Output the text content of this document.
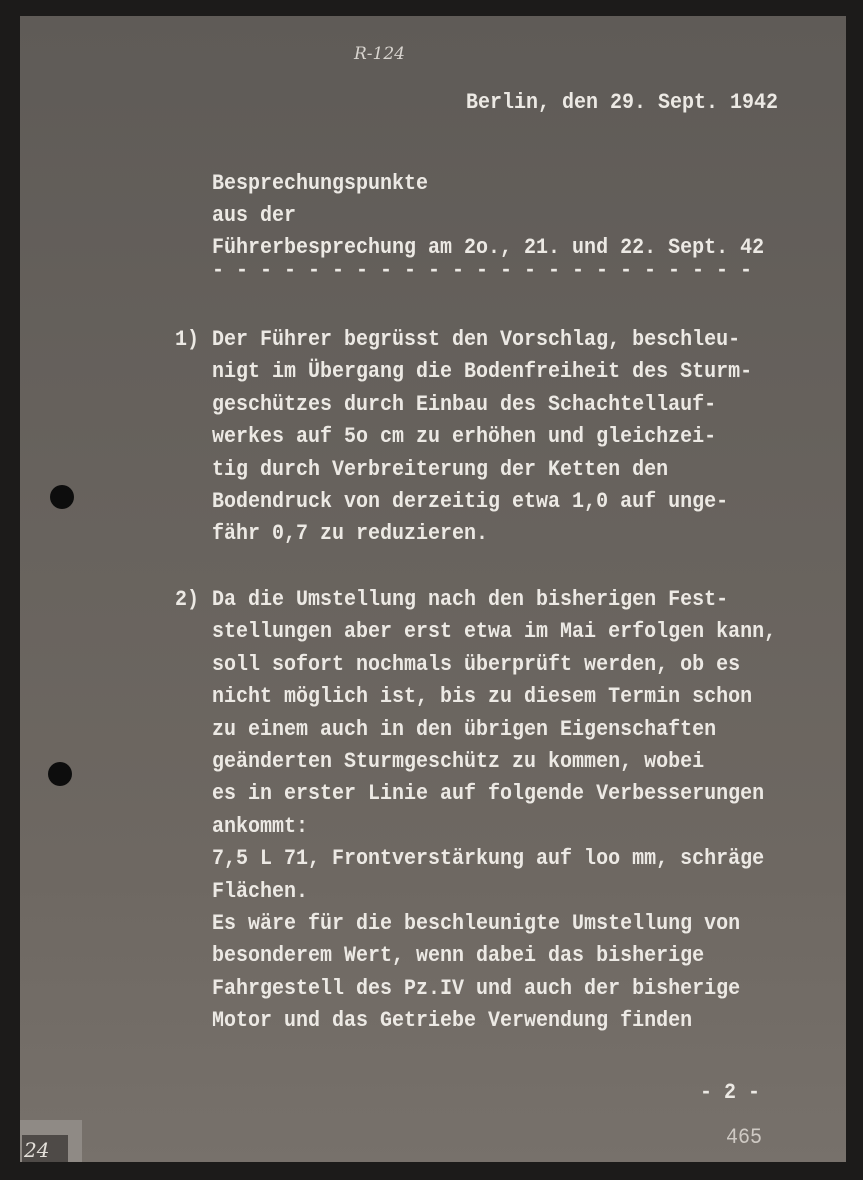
R-124
Berlin, den 29. Sept. 1942
Besprechungspunkte
aus der
Führerbesprechung am 2o., 21. und 22. Sept. 42
-----------------------
1) Der Führer begrüsst den Vorschlag, beschleu-
nigt im Übergang die Bodenfreiheit des Sturm-
geschützes durch Einbau des Schachtellauf-
werkes auf 5o cm zu erhöhen und gleichzei-
tig durch Verbreiterung der Ketten den
Bodendruck von derzeitig etwa 1,0 auf unge-
fähr 0,7 zu reduzieren.
2) Da die Umstellung nach den bisherigen Fest-
stellungen aber erst etwa im Mai erfolgen kann,
soll sofort nochmals überprüft werden, ob es
nicht möglich ist, bis zu diesem Termin schon
zu einem auch in den übrigen Eigenschaften
geänderten Sturmgeschütz zu kommen, wobei
es in erster Linie auf folgende Verbesserungen
ankommt:
7,5 L 71, Frontverstärkung auf loo mm, schräge
Flächen.
Es wäre für die beschleunigte Umstellung von
besonderem Wert, wenn dabei das bisherige
Fahrgestell des Pz.IV und auch der bisherige
Motor und das Getriebe Verwendung finden
- 2 -
465
24
